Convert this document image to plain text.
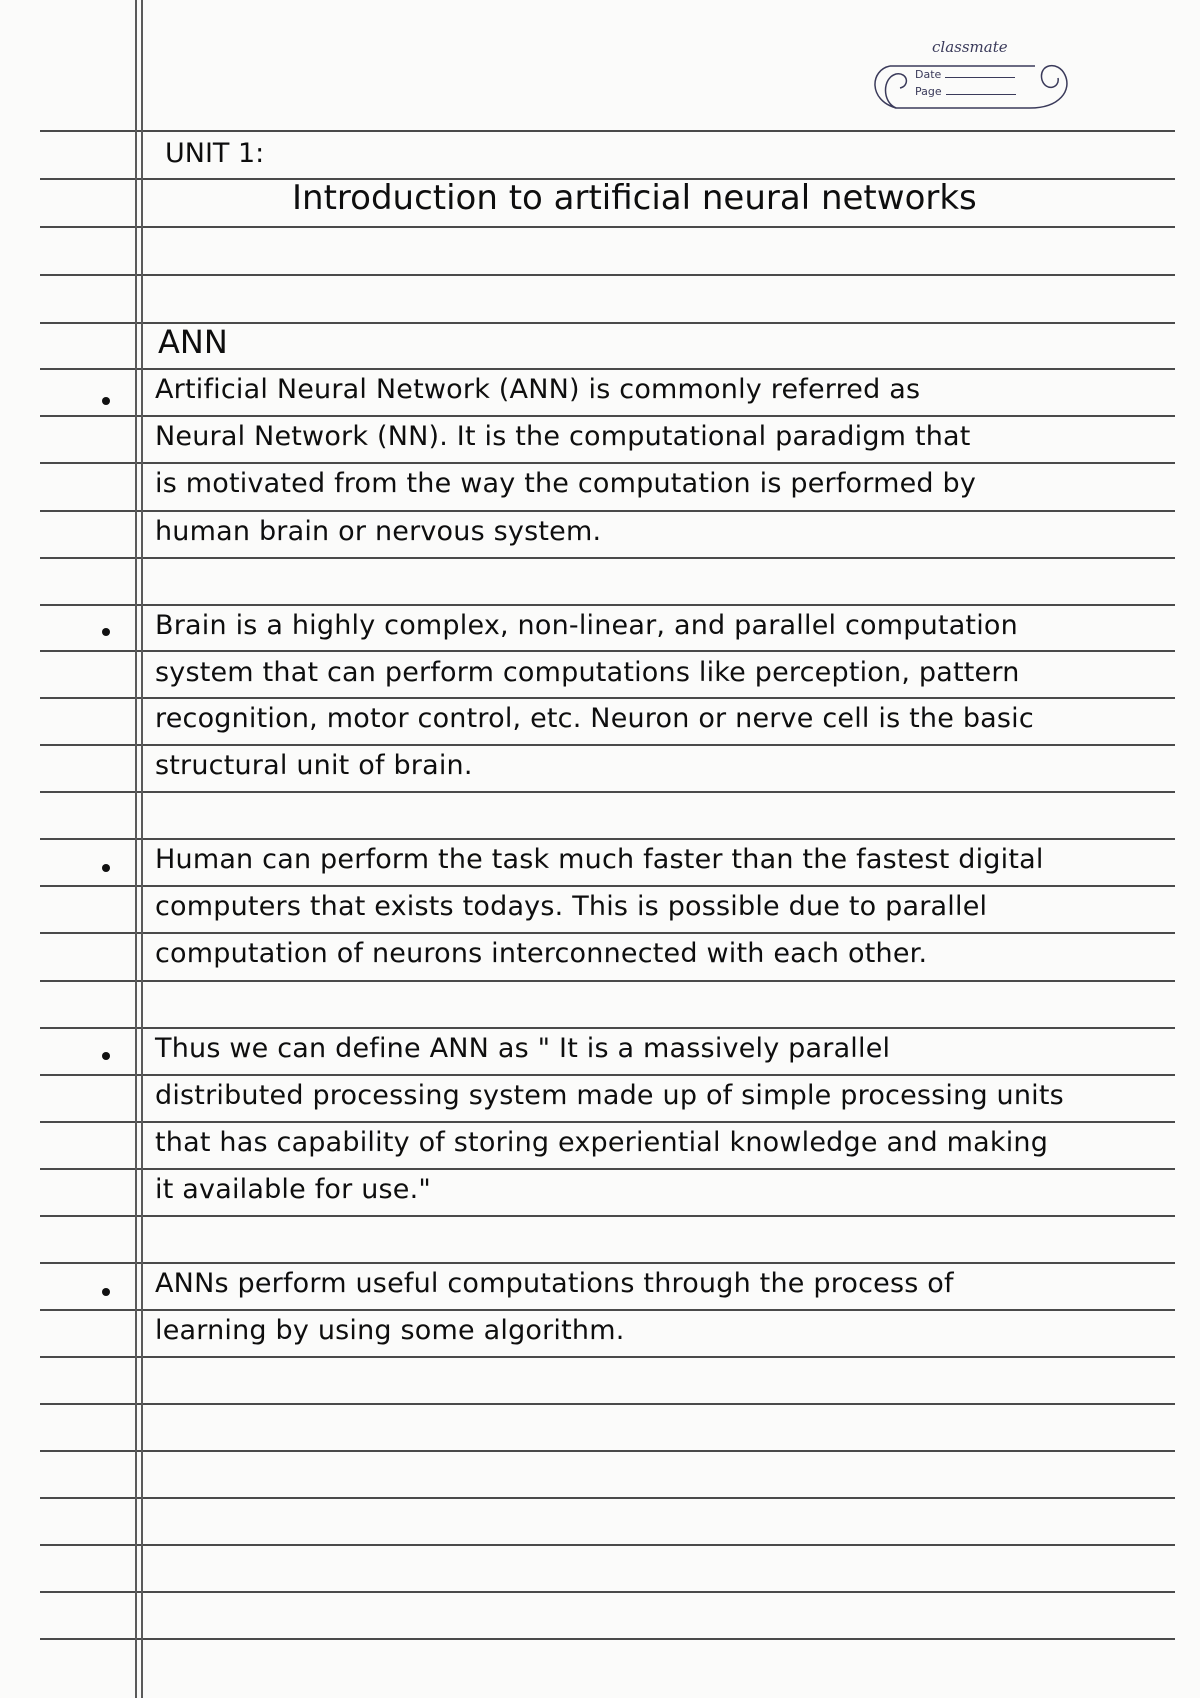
classmate
Date
Page
UNIT 1:
Introduction to artificial neural networks
ANN
Artificial Neural Network (ANN) is commonly referred as
Neural Network (NN). It is the computational paradigm that
is motivated from the way the computation is performed by
human brain or nervous system.
Brain is a highly complex, non-linear, and parallel computation
system that can perform computations like perception, pattern
recognition, motor control, etc. Neuron or nerve cell is the basic
structural unit of brain.
Human can perform the task much faster than the fastest digital
computers that exists todays. This is possible due to parallel
computation of neurons interconnected with each other.
Thus we can define ANN as " It is a massively parallel
distributed processing system made up of simple processing units
that has capability of storing experiential knowledge and making
it available for use."
ANNs perform useful computations through the process of
learning by using some algorithm.
